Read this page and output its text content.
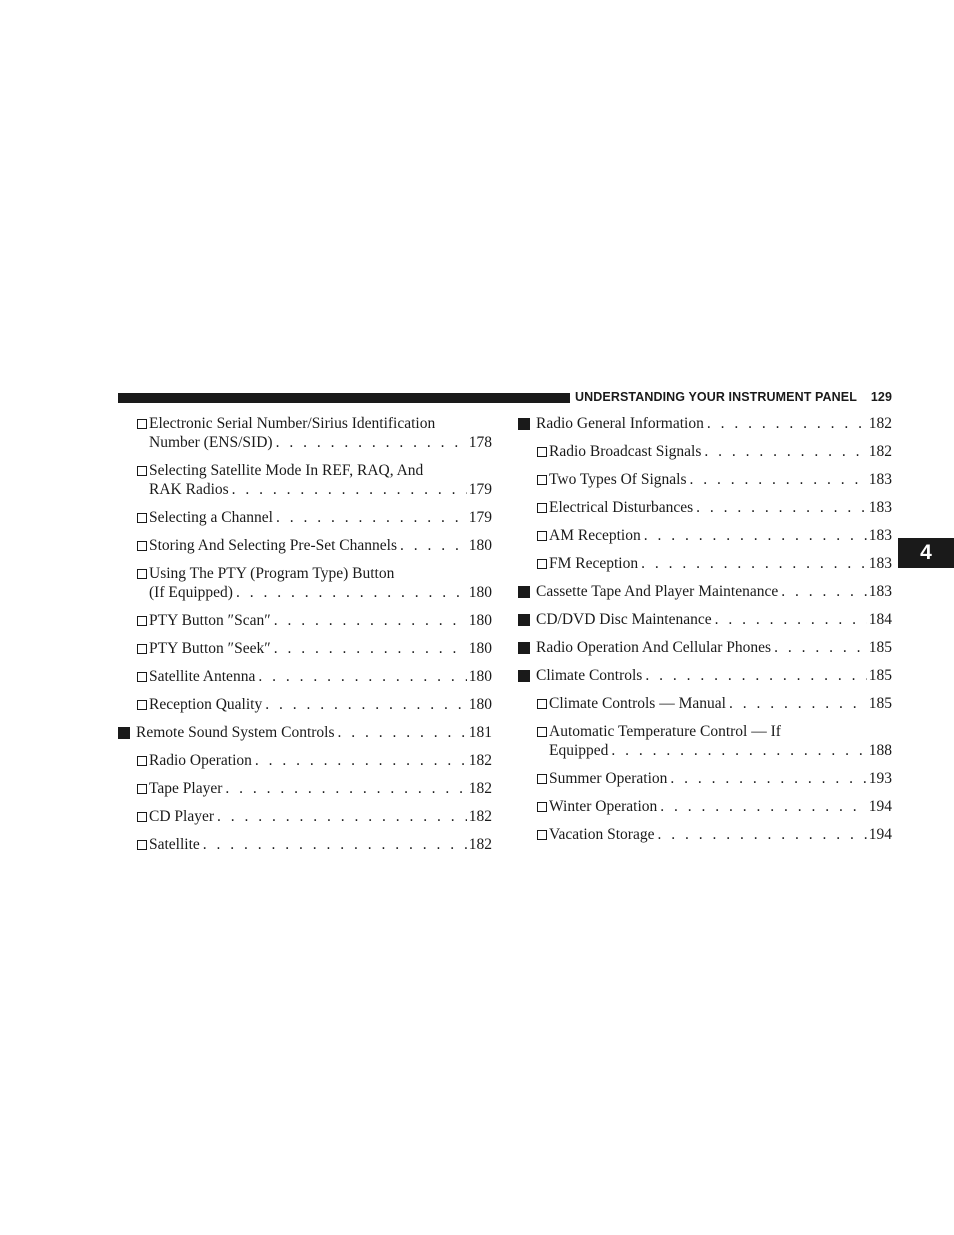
UNDERSTANDING YOUR INSTRUMENT PANEL 129
4
Electronic Serial Number/Sirius Identification
Number (ENS/SID) . . .	178
Selecting Satellite Mode In REF, RAQ, And
RAK Radios . . .	179
Selecting a Channel . . .	179
Storing And Selecting Pre-Set Channels . . .	180
Using The PTY (Program Type) Button
(If Equipped) . . .	180
PTY Button ″Scan″ . . .	180
PTY Button ″Seek″ . . .	180
Satellite Antenna . . .	180
Reception Quality . . .	180
Remote Sound System Controls . . .	181
Radio Operation . . .	182
Tape Player . . .	182
CD Player . . .	182
Satellite . . .	182
Radio General Information . . .	182
Radio Broadcast Signals . . .	182
Two Types Of Signals . . .	183
Electrical Disturbances . . .	183
AM Reception . . .	183
FM Reception . . .	183
Cassette Tape And Player Maintenance . . .	183
CD/DVD Disc Maintenance . . .	184
Radio Operation And Cellular Phones . . .	185
Climate Controls . . .	185
Climate Controls — Manual . . .	185
Automatic Temperature Control — If
Equipped . . .	188
Summer Operation . . .	193
Winter Operation . . .	194
Vacation Storage . . .	194
